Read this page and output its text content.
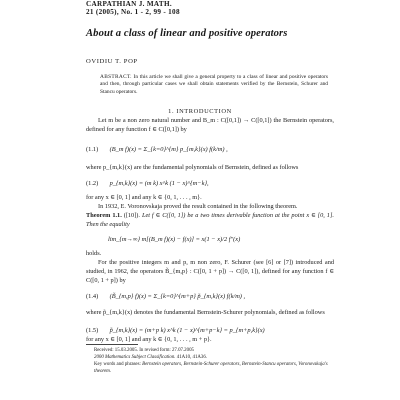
CARPATHIAN J. MATH.
21 (2005), No. 1 - 2, 99 - 108
About a class of linear and positive operators
OVIDIU T. POP
ABSTRACT. In this article we shall give a general property to a class of linear and positive operators and then, through particular cases we shall obtain statements verified by the Bernstein, Schurer and Stancu operators.
1. INTRODUCTION
Let m be a non zero natural number and B_m : C([0,1]) → C([0,1]) the Bernstein operators, defined for any function f ∈ C([0,1]) by
(1.1) (B_m f)(x) = Σ_{k=0}^{m} p_{m,k}(x) f(k/m) ,
where p_{m,k}(x) are the fundamental polynomials of Bernstein, defined as follows
(1.2) p_{m,k}(x) = (m k) x^k (1 − x)^{m−k},
for any x ∈ [0, 1] and any k ∈ {0, 1, . . . , m}.
In 1932, E. Voronovskaja proved the result contained in the following theorem.
Theorem 1.1. ([10]). Let f ∈ C([0, 1]) be a two times derivable function at the point x ∈ [0, 1]. Then the equality
lim_{m→∞} m[(B_m f)(x) − f(x)] = x(1 − x)/2 f″(x)
holds.
For the positive integers m and p, m non zero, F. Schurer (see [6] or [7]) introduced and studied, in 1962, the operators B̃_{m,p} : C([0, 1 + p]) → C([0, 1]), defined for any function f ∈ C([0, 1 + p]) by
(1.4) (B̃_{m,p} f)(x) = Σ_{k=0}^{m+p} p̃_{m,k}(x) f(k/m) ,
where p̃_{m,k}(x) denotes the fundamental Bernstein-Schurer polynomials, defined as follows
(1.5) p̃_{m,k}(x) = (m+p k) x^k (1 − x)^{m+p−k} = p_{m+p,k}(x)
for any x ∈ [0, 1] and any k ∈ {0, 1, . . . , m + p}.
Received: 15.03.2005. In revised form: 27.07.2005
2000 Mathematics Subject Classification. 41A10, 41A36.
Key words and phrases: Bernstein operators, Bernstein-Schurer operators, Bernstein-Stancu operators, Voronovskaja's theorem.
